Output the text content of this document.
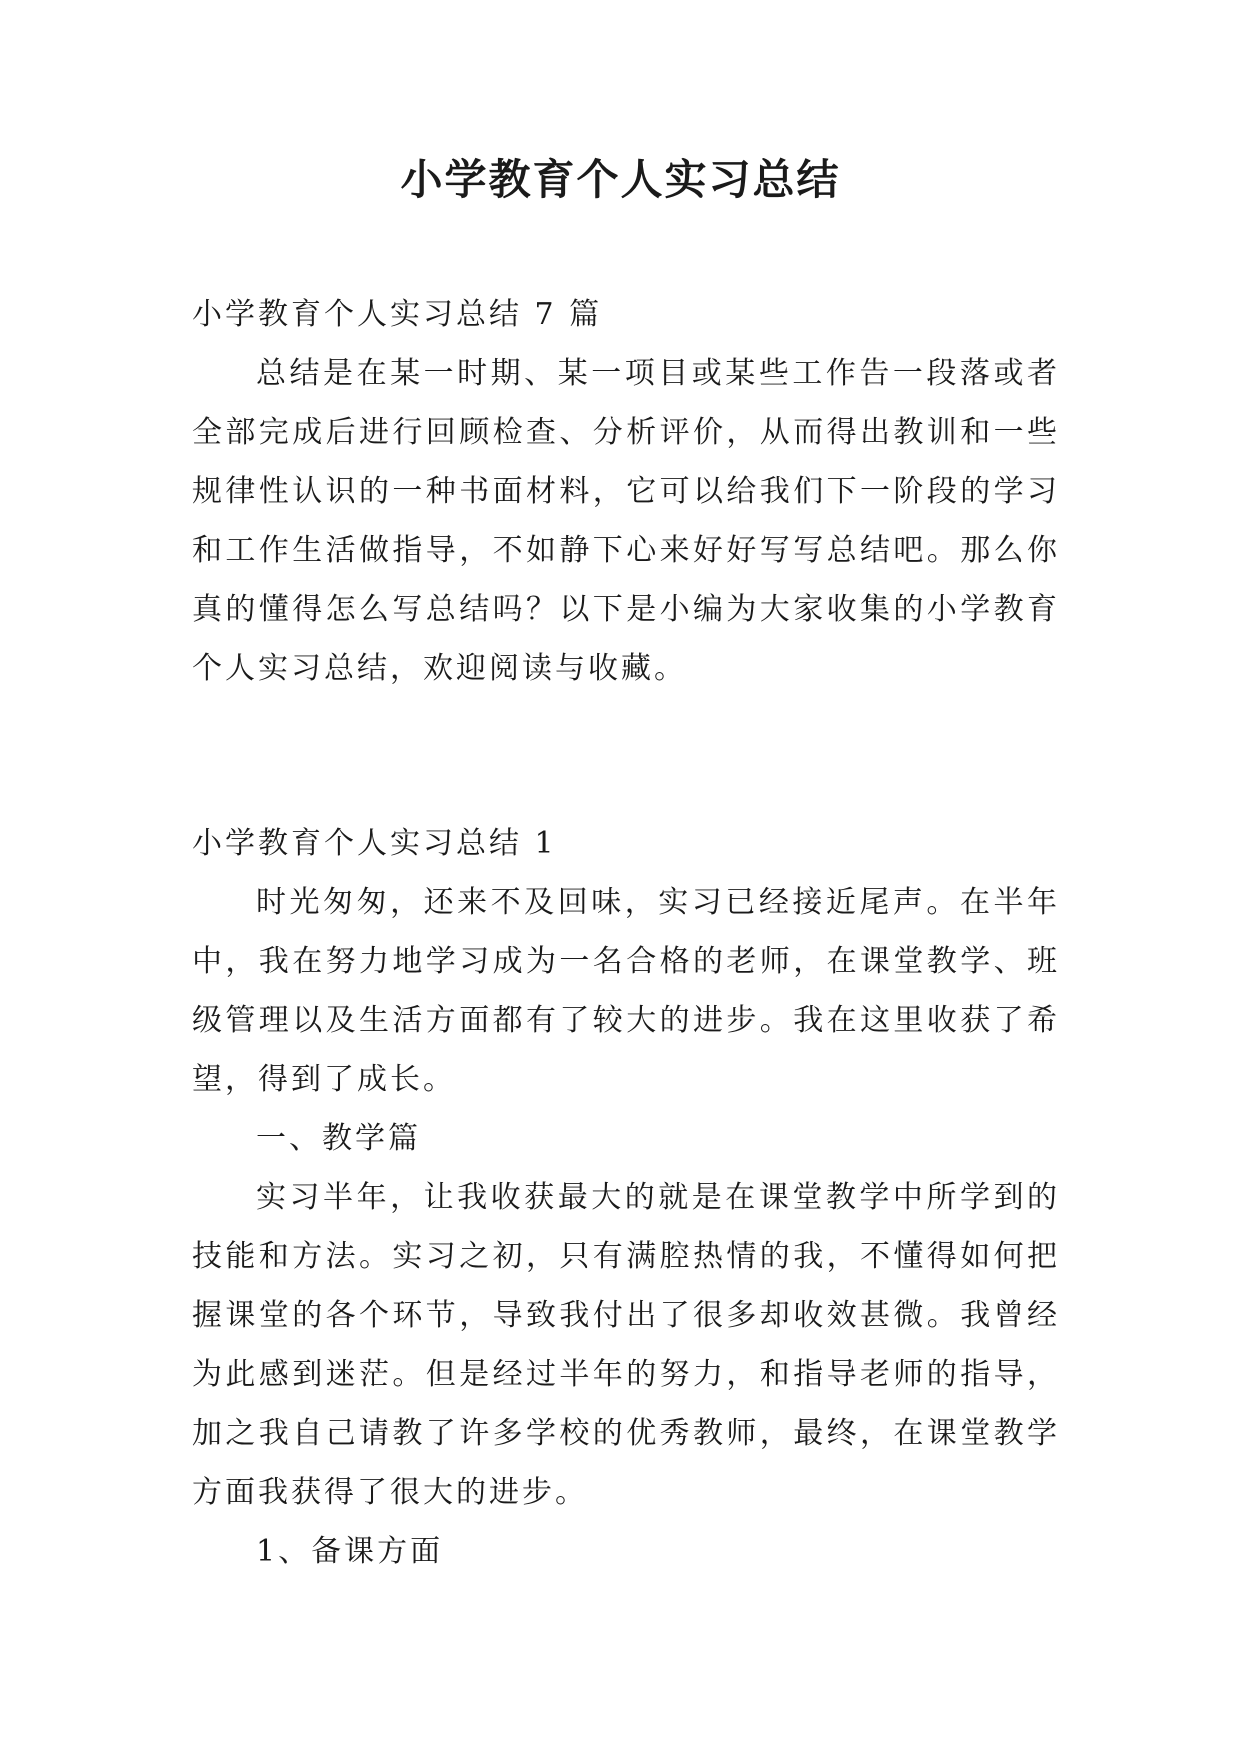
小学教育个人实习总结

小学教育个人实习总结 7 篇

总结是在某一时期、某一项目或某些工作告一段落或者全部完成后进行回顾检查、分析评价，从而得出教训和一些规律性认识的一种书面材料，它可以给我们下一阶段的学习和工作生活做指导，不如静下心来好好写写总结吧。那么你真的懂得怎么写总结吗？以下是小编为大家收集的小学教育个人实习总结，欢迎阅读与收藏。

小学教育个人实习总结 1

时光匆匆，还来不及回味，实习已经接近尾声。在半年中，我在努力地学习成为一名合格的老师，在课堂教学、班级管理以及生活方面都有了较大的进步。我在这里收获了希望，得到了成长。

一、教学篇

实习半年，让我收获最大的就是在课堂教学中所学到的技能和方法。实习之初，只有满腔热情的我，不懂得如何把握课堂的各个环节，导致我付出了很多却收效甚微。我曾经为此感到迷茫。但是经过半年的努力，和指导老师的指导，加之我自己请教了许多学校的优秀教师，最终，在课堂教学方面我获得了很大的进步。

1、备课方面
